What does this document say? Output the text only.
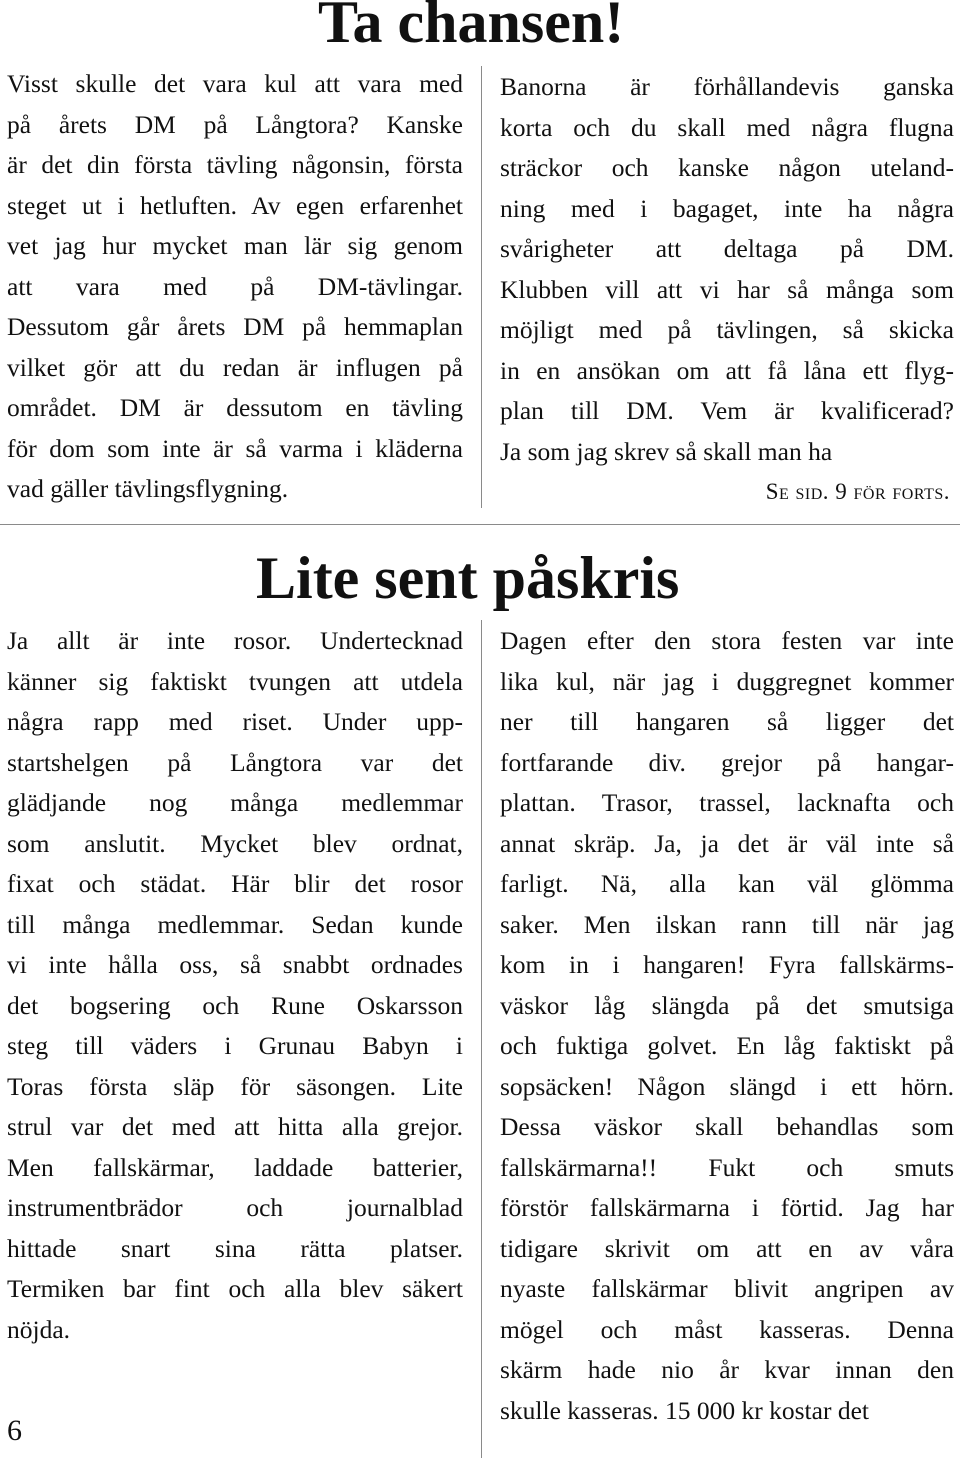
Ta chansen!
Visst skulle det vara kul att vara med
på årets DM på Långtora? Kanske
är det din första tävling någonsin, första
steget ut i hetluften. Av egen erfarenhet
vet jag hur mycket man lär sig genom
att vara med på DM-tävlingar.
Dessutom går årets DM på hemmaplan
vilket gör att du redan är influgen på
området. DM är dessutom en tävling
för dom som inte är så varma i kläderna
vad gäller tävlingsflygning.
Banorna är förhållandevis ganska
korta och du skall med några flugna
sträckor och kanske någon uteland-
ning med i bagaget, inte ha några
svårigheter att deltaga på DM.
Klubben vill att vi har så många som
möjligt med på tävlingen, så skicka
in en ansökan om att få låna ett flyg-
plan till DM. Vem är kvalificerad?
Ja som jag skrev så skall man ha
Se sid. 9 för forts.
Lite sent påskris
Ja allt är inte rosor. Undertecknad
känner sig faktiskt tvungen att utdela
några rapp med riset. Under upp-
startshelgen på Långtora var det
glädjande nog många medlemmar
som anslutit. Mycket blev ordnat,
fixat och städat. Här blir det rosor
till många medlemmar. Sedan kunde
vi inte hålla oss, så snabbt ordnades
det bogsering och Rune Oskarsson
steg till väders i Grunau Babyn i
Toras första släp för säsongen. Lite
strul var det med att hitta alla grejor.
Men fallskärmar, laddade batterier,
instrumentbrädor och journalblad
hittade snart sina rätta platser.
Termiken bar fint och alla blev säkert
nöjda.
Dagen efter den stora festen var inte
lika kul, när jag i duggregnet kommer
ner till hangaren så ligger det
fortfarande div. grejor på hangar-
plattan. Trasor, trassel, lacknafta och
annat skräp. Ja, ja det är väl inte så
farligt. Nä, alla kan väl glömma
saker. Men ilskan rann till när jag
kom in i hangaren! Fyra fallskärms-
väskor låg slängda på det smutsiga
och fuktiga golvet. En låg faktiskt på
sopsäcken! Någon slängd i ett hörn.
Dessa väskor skall behandlas som
fallskärmarna!! Fukt och smuts
förstör fallskärmarna i förtid. Jag har
tidigare skrivit om att en av våra
nyaste fallskärmar blivit angripen av
mögel och måst kasseras. Denna
skärm hade nio år kvar innan den
skulle kasseras. 15 000 kr kostar det
6
